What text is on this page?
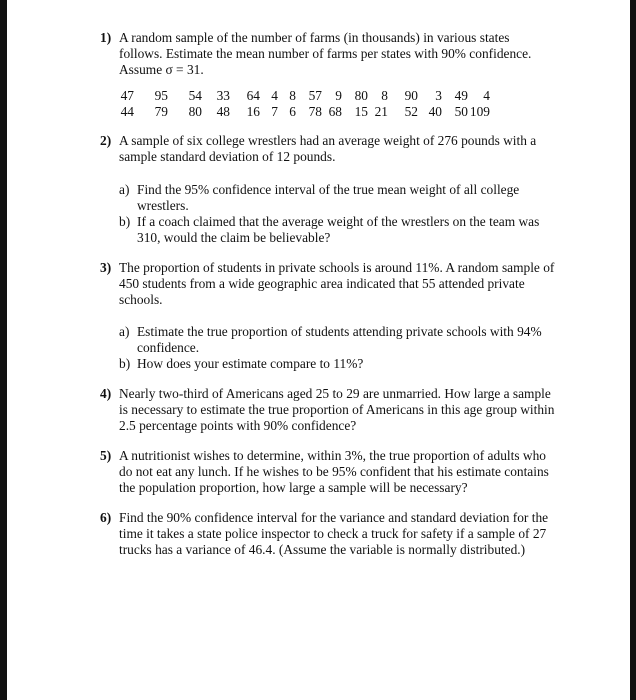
1) A random sample of the number of farms (in thousands) in various states follows. Estimate the mean number of farms per states with 90% confidence. Assume σ = 31.
47	95	54	33	64	4	8	57	9	80	8	90	3	49	4
44	79	80	48	16	7	6	78	68	15	21	52	40	50	109
2) A sample of six college wrestlers had an average weight of 276 pounds with a sample standard deviation of 12 pounds.
a) Find the 95% confidence interval of the true mean weight of all college wrestlers.
b) If a coach claimed that the average weight of the wrestlers on the team was 310, would the claim be believable?
3) The proportion of students in private schools is around 11%. A random sample of 450 students from a wide geographic area indicated that 55 attended private schools.
a) Estimate the true proportion of students attending private schools with 94% confidence.
b) How does your estimate compare to 11%?
4) Nearly two-third of Americans aged 25 to 29 are unmarried. How large a sample is necessary to estimate the true proportion of Americans in this age group within 2.5 percentage points with 90% confidence?
5) A nutritionist wishes to determine, within 3%, the true proportion of adults who do not eat any lunch. If he wishes to be 95% confident that his estimate contains the population proportion, how large a sample will be necessary?
6) Find the 90% confidence interval for the variance and standard deviation for the time it takes a state police inspector to check a truck for safety if a sample of 27 trucks has a variance of 46.4. (Assume the variable is normally distributed.)
